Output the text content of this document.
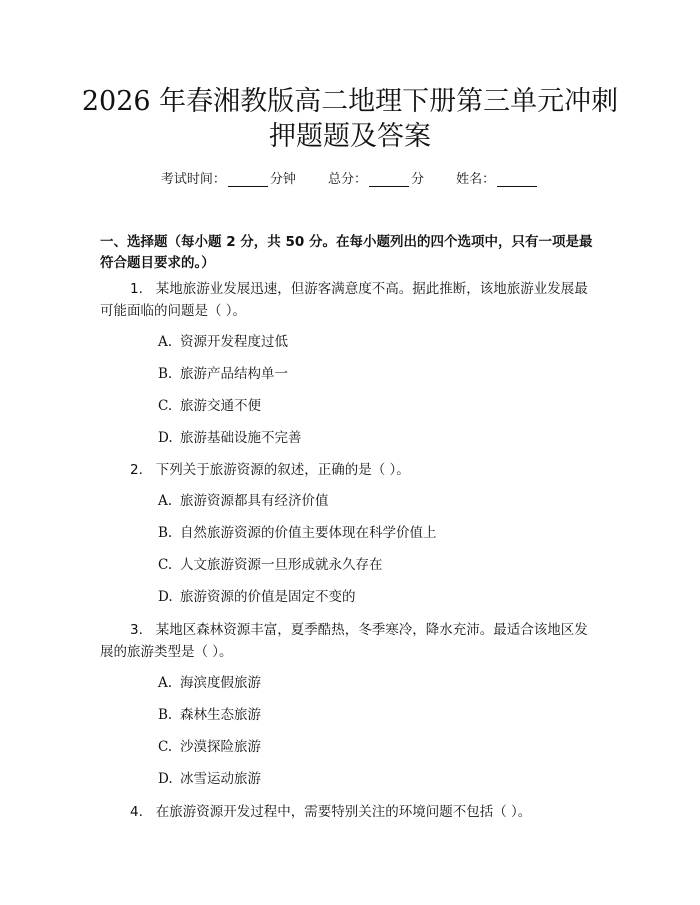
2026 年春湘教版高二地理下册第三单元冲刺
押题题及答案
考试时间：	分钟 总分：	分 姓名：
一、选择题（每小题 2 分，共 50 分。在每小题列出的四个选项中，只有一项是最
符合题目要求的。）
1. 某地旅游业发展迅速，但游客满意度不高。据此推断，该地旅游业发展最
可能面临的问题是（ ）。
A. 资源开发程度过低
B. 旅游产品结构单一
C. 旅游交通不便
D. 旅游基础设施不完善
2. 下列关于旅游资源的叙述，正确的是（ ）。
A. 旅游资源都具有经济价值
B. 自然旅游资源的价值主要体现在科学价值上
C. 人文旅游资源一旦形成就永久存在
D. 旅游资源的价值是固定不变的
3. 某地区森林资源丰富，夏季酷热，冬季寒冷，降水充沛。最适合该地区发
展的旅游类型是（ ）。
A. 海滨度假旅游
B. 森林生态旅游
C. 沙漠探险旅游
D. 冰雪运动旅游
4. 在旅游资源开发过程中，需要特别关注的环境问题不包括（ ）。
